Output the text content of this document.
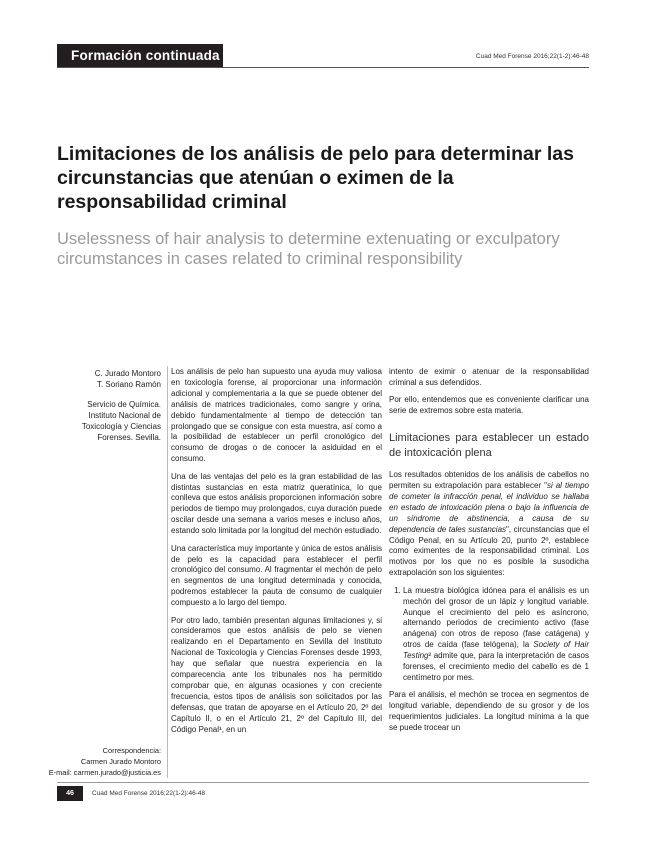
Formación continuada	Cuad Med Forense 2016;22(1-2):46-48
Limitaciones de los análisis de pelo para determinar las circunstancias que atenúan o eximen de la responsabilidad criminal
Uselessness of hair analysis to determine extenuating or exculpatory circumstances in cases related to criminal responsibility

C. Jurado Montoro

T. Soriano Ramón

Servicio de Química. Instituto Nacional de Toxicología y Ciencias Forenses. Sevilla.

Correspondencia:

Carmen Jurado Montoro

E-mail: carmen.jurado@justicia.es

Los análisis de pelo han supuesto una ayuda muy valiosa en toxicología forense, al proporcionar una información adicional y complementaria a la que se puede obtener del análisis de matrices tradicionales, como sangre y orina, debido fundamentalmente al tiempo de detección tan prolongado que se consigue con esta muestra, así como a la posibilidad de establecer un perfil cronológico del consumo de drogas o de conocer la asiduidad en el consumo.

Una de las ventajas del pelo es la gran estabilidad de las distintas sustancias en esta matriz queratínica, lo que conlleva que estos análisis proporcionen información sobre periodos de tiempo muy prolongados, cuya duración puede oscilar desde una semana a varios meses e incluso años, estando solo limitada por la longitud del mechón estudiado.

Una característica muy importante y única de estos análisis de pelo es la capacidad para establecer el perfil cronológico del consumo. Al fragmentar el mechón de pelo en segmentos de una longitud determinada y conocida, podremos establecer la pauta de consumo de cualquier compuesto a lo largo del tiempo.

Por otro lado, también presentan algunas limitaciones y, si consideramos que estos análisis de pelo se vienen realizando en el Departamento en Sevilla del Instituto Nacional de Toxicología y Ciencias Forenses desde 1993, hay que señalar que nuestra experiencia en la comparecencia ante los tribunales nos ha permitido comprobar que, en algunas ocasiones y con creciente frecuencia, estos tipos de análisis son solicitados por las defensas, que tratan de apoyarse en el Artículo 20, 2º del Capítulo II, o en el Artículo 21, 2º del Capítulo III, del Código Penal¹, en un

intento de eximir o atenuar de la responsabilidad criminal a sus defendidos.

Por ello, entendemos que es conveniente clarificar una serie de extremos sobre esta materia.

Limitaciones para establecer un estado de intoxicación plena

Los resultados obtenidos de los análisis de cabellos no permiten su extrapolación para establecer "si al tiempo de cometer la infracción penal, el individuo se hallaba en estado de intoxicación plena o bajo la influencia de un síndrome de abstinencia, a causa de su dependencia de tales sustancias", circunstancias que el Código Penal, en su Artículo 20, punto 2º, establece como eximentes de la responsabilidad criminal. Los motivos por los que no es posible la susodicha extrapolación son los siguientes:

1. La muestra biológica idónea para el análisis es un mechón del grosor de un lápiz y longitud variable. Aunque el crecimiento del pelo es asíncrono, alternando periodos de crecimiento activo (fase anágena) con otros de reposo (fase catágena) y otros de caída (fase telógena), la Society of Hair Testing² admite que, para la interpretación de casos forenses, el crecimiento medio del cabello es de 1 centímetro por mes.

Para el análisis, el mechón se trocea en segmentos de longitud variable, dependiendo de su grosor y de los requerimientos judiciales. La longitud mínima a la que se puede trocear un

46	Cuad Med Forense 2016;22(1-2):46-48
